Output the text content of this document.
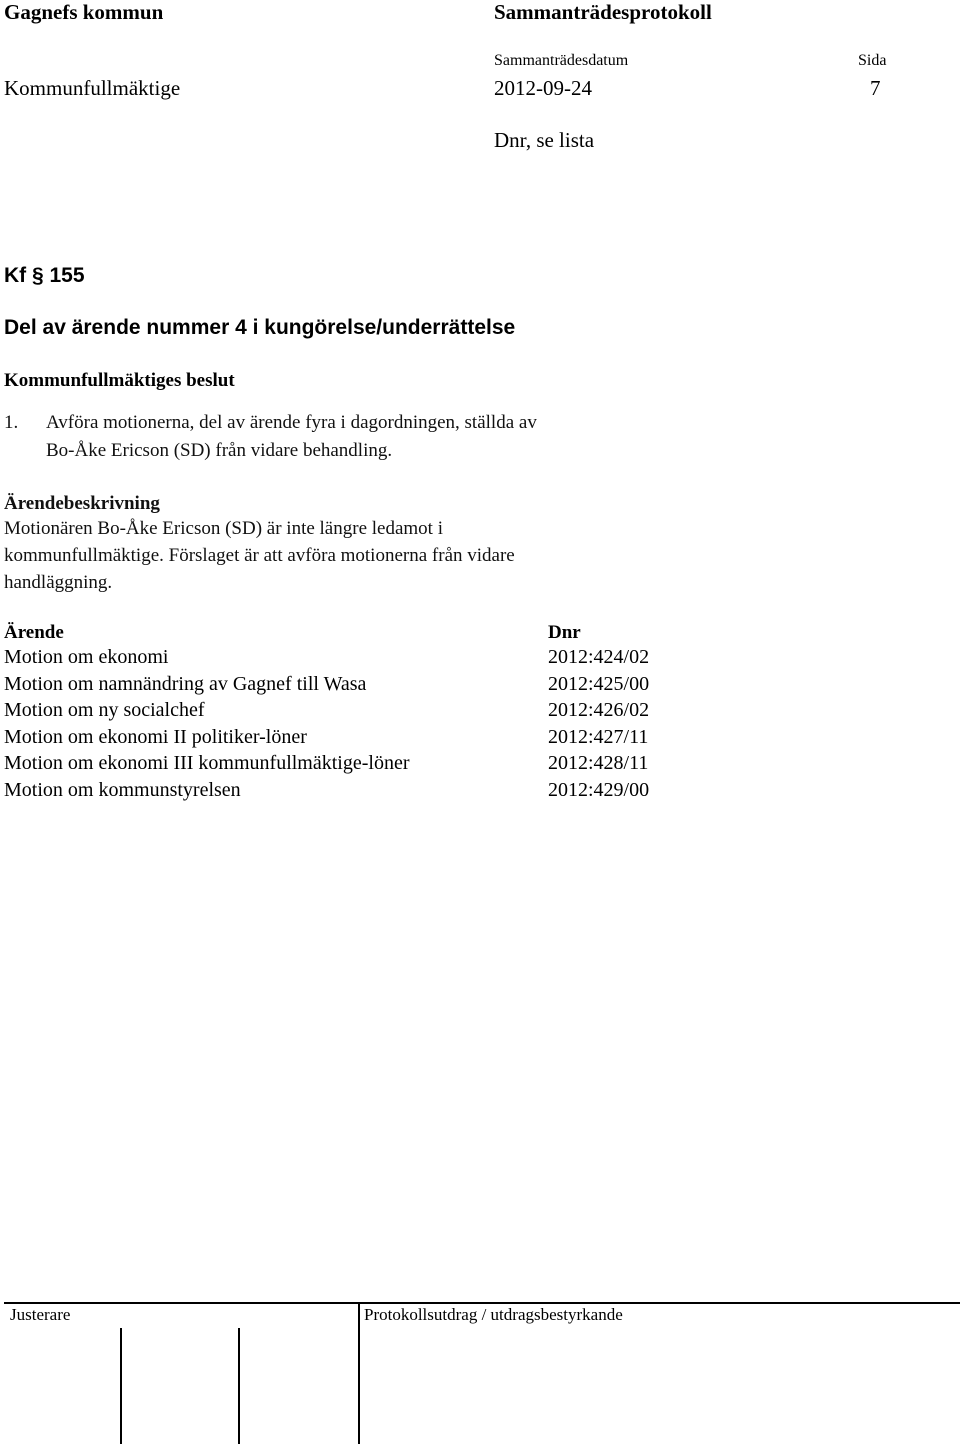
Gagnefs kommun	Sammanträdesprotokoll
Sammanträdesdatum	Sida
Kommunfullmäktige	2012-09-24	7
Dnr, se lista
Kf § 155
Del av ärende nummer 4 i kungörelse/underrättelse
Kommunfullmäktiges beslut
1. Avföra motionerna, del av ärende fyra i dagordningen, ställda av
Bo-Åke Ericson (SD) från vidare behandling.
Ärendebeskrivning
Motionären Bo-Åke Ericson (SD) är inte längre ledamot i
kommunfullmäktige. Förslaget är att avföra motionerna från vidare
handläggning.
Ärende	Dnr
Motion om ekonomi	2012:424/02
Motion om namnändring av Gagnef till Wasa	2012:425/00
Motion om ny socialchef	2012:426/02
Motion om ekonomi II politiker-löner	2012:427/11
Motion om ekonomi III kommunfullmäktige-löner	2012:428/11
Motion om kommunstyrelsen	2012:429/00
Justerare	Protokollsutdrag / utdragsbestyrkande
